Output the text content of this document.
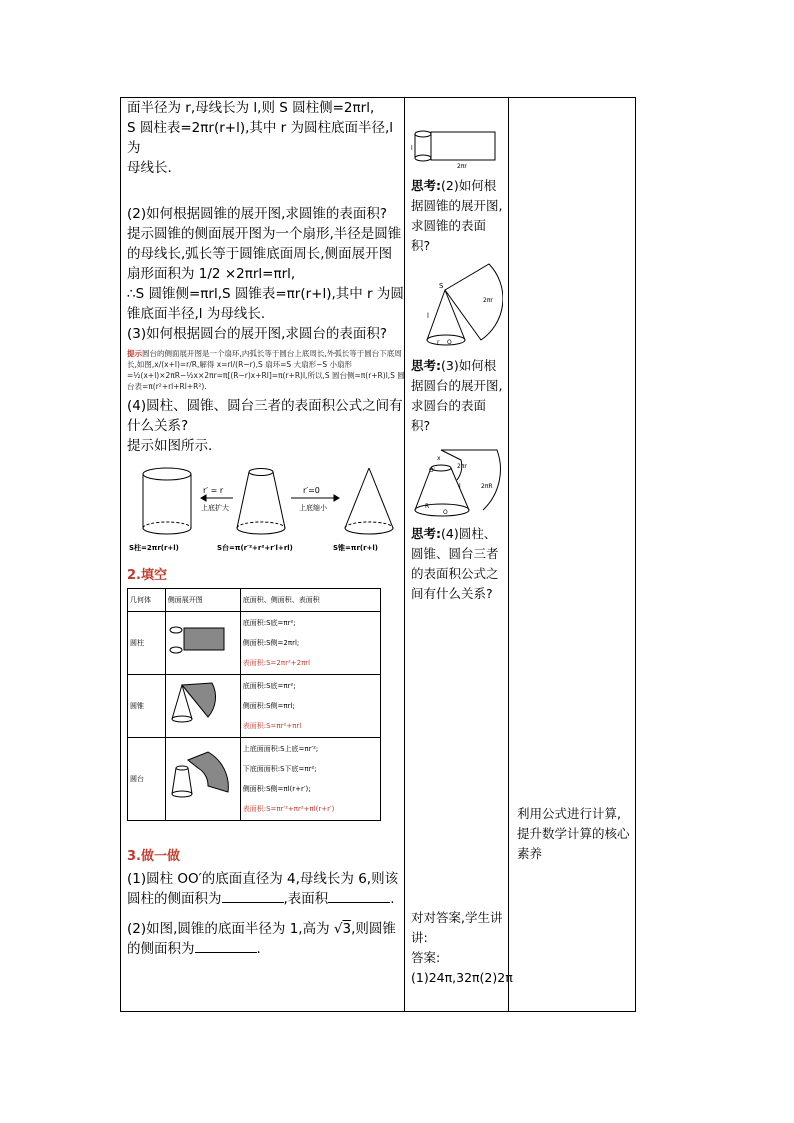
面半径为 r,母线长为 l,则 S 圆柱侧=2πrl,

S 圆柱表=2πr(r+l),其中 r 为圆柱底面半径,l 为

母线长.

(2)如何根据圆锥的展开图,求圆锥的表面积?

提示圆锥的侧面展开图为一个扇形,半径是圆锥的母线长,弧长等于圆锥底面周长,侧面展开图扇形面积为 1/2 ×2πrl=πrl,

∴S 圆锥侧=πrl,S 圆锥表=πr(r+l),其中 r 为圆锥底面半径,l 为母线长.

(3)如何根据圆台的展开图,求圆台的表面积?

提示圆台的侧面展开图是一个扇环,内弧长等于圆台上底周长,外弧长等于圆台下底周长,如图,x/(x+l)=r/R,解得 x=rl/(R−r),S 扇环=S 大扇形−S 小扇形=½(x+l)×2πR−½x×2πr=π[(R−r)x+Rl]=π(r+R)l,所以,S 圆台侧=π(r+R)l,S 圆台表=π(r²+rl+Rl+R²).

(4)圆柱、圆锥、圆台三者的表面积公式之间有什么关系?

提示如图所示.

r′ = r
上底扩大
r′=0
上底缩小
S柱=2πr(r+l)	S台=π(r′²+r²+r′l+rl)	S锥=πr(r+l)
2.填空
几何体	侧面展开图	底面积、侧面积、表面积
圆柱		底面积:S底=πr²;
侧面积:S侧=2πrl;
表面积:S=2πr²+2πrl

圆锥		底面积:S底=πr²;
侧面积:S侧=πrl;
表面积:S=πr²+πrl

圆台		上底面面积:S上底=πr′²;
下底面面积:S下底=πr²;
侧面积:S侧=πl(r+r′);
表面积:S=πr′²+πr²+πl(r+r′)
3.做一做

(1)圆柱 OO′的底面直径为 4,母线长为 6,则该圆柱的侧面积为	,表面积	.

(2)如图,圆锥的底面半径为 1,高为 √3,则圆锥的侧面积为	.

l
2πr

思考:(2)如何根据圆锥的展开图,求圆锥的表面积?

S
l
O
r
2πr

思考:(3)如何根据圆台的展开图,求圆台的表面积?

x
O′
2πr
l	2πR
R
O

思考:(4)圆柱、圆锥、圆台三者的表面积公式之间有什么关系?

对对答案,学生讲讲:

答案:(1)24π,32π(2)2π

利用公式进行计算,提升数学计算的核心素养
